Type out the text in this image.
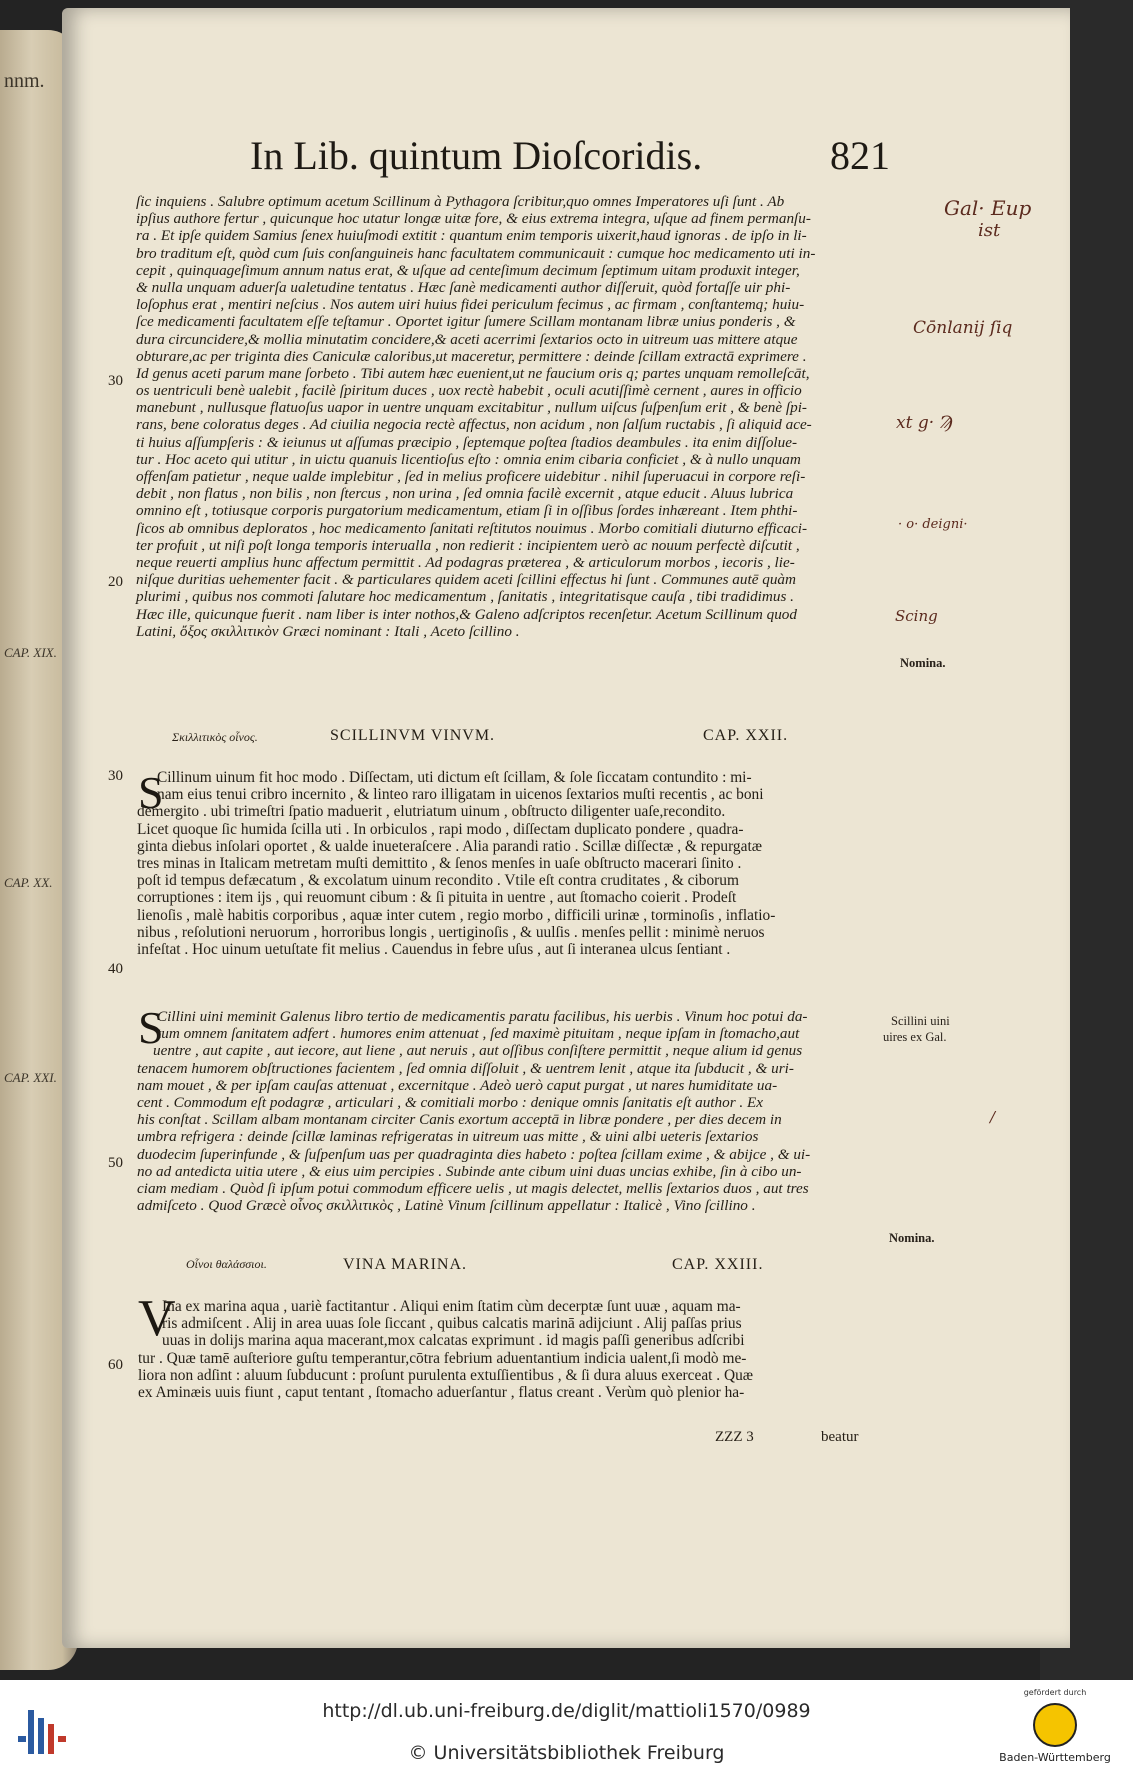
nnm.
CAP. XIX.
CAP. XX.
CAP. XXI.
In Lib. quintum Dioſcoridis.	821
ſic inquiens . Salubre optimum acetum Scillinum à Pythagora ſcribitur,quo omnes Imperatores uſi ſunt . Ab
ipſius authore fertur , quicunque hoc utatur longæ uitæ fore, & eius extrema integra, uſque ad finem permanſu-
ra . Et ipſe quidem Samius ſenex huiuſmodi extitit : quantum enim temporis uixerit,haud ignoras . de ipſo in li-
bro traditum eſt, quòd cum ſuis conſanguineis hanc facultatem communicauit : cumque hoc medicamento uti in-
cepit , quinquageſimum annum natus erat, & uſque ad centeſimum decimum ſeptimum uitam produxit integer,
& nulla unquam aduerſa ualetudine tentatus . Hæc ſanè medicamenti author diſſeruit, quòd fortaſſe uir phi-
loſophus erat , mentiri neſcius . Nos autem uiri huius fidei periculum fecimus , ac firmam , conſtantemq; huiu-
ſce medicamenti facultatem eſſe teſtamur . Oportet igitur ſumere Scillam montanam libræ unius ponderis , &
dura circuncidere,& mollia minutatim concidere,& aceti acerrimi ſextarios octo in uitreum uas mittere atque
obturare,ac per triginta dies Caniculæ caloribus,ut maceretur, permittere : deinde ſcillam extractā exprimere .
Id genus aceti parum mane ſorbeto . Tibi autem hæc euenient,ut ne faucium oris q; partes unquam remolleſcāt,
os uentriculi benè ualebit , facilè ſpiritum duces , uox rectè habebit , oculi acutiſſimè cernent , aures in officio
manebunt , nullusque flatuoſus uapor in uentre unquam excitabitur , nullum uiſcus ſuſpenſum erit , & benè ſpi-
rans, bene coloratus deges . Ad ciuilia negocia rectè affectus, non acidum , non ſalſum ructabis , ſi aliquid ace-
ti huius aſſumpſeris : & ieiunus ut aſſumas præcipio , ſeptemque poſtea ſtadios deambules . ita enim diſſolue-
tur . Hoc aceto qui utitur , in uictu quanuis licentioſus eſto : omnia enim cibaria conficiet , & à nullo unquam
offenſam patietur , neque ualde implebitur , ſed in melius proficere uidebitur . nihil ſuperuacui in corpore reſi-
debit , non flatus , non bilis , non ſtercus , non urina , ſed omnia facilè excernit , atque educit . Aluus lubrica
omnino eſt , totiusque corporis purgatorium medicamentum, etiam ſi in oſſibus ſordes inhæreant . Item phthi-
ſicos ab omnibus deploratos , hoc medicamento ſanitati reſtitutos nouimus . Morbo comitiali diuturno efficaci-
ter profuit , ut niſi poſt longa temporis interualla , non redierit : incipientem uerò ac nouum perfectè diſcutit ,
neque reuerti amplius hunc affectum permittit . Ad podagras præterea , & articulorum morbos , iecoris , lie-
niſque duritias uehementer facit . & particulares quidem aceti ſcillini effectus hi ſunt . Communes autē quàm
plurimi , quibus nos commoti ſalutare hoc medicamentum , ſanitatis , integritatisque cauſa , tibi tradidimus .
Hæc ille, quicunque fuerit . nam liber is inter nothos,& Galeno adſcriptos recenſetur. Acetum Scillinum quod
Latini, ὄξος σκιλλιτικὸν Græci nominant : Itali , Aceto ſcillino .
30
20
30
40
50
60
Σκιλλιτικὸς οἶνος.	SCILLINVM VINVM.	CAP. XXII.
S
Cillinum uinum fit hoc modo . Diſſectam, uti dictum eſt ſcillam, & ſole ſiccatam contundito : mi-
nam eius tenui cribro incernito , & linteo raro illigatam in uicenos ſextarios muſti recentis , ac boni
demergito . ubi trimeſtri ſpatio maduerit , elutriatum uinum , obſtructo diligenter uaſe,recondito.
Licet quoque ſic humida ſcilla uti . In orbiculos , rapi modo , diſſectam duplicato pondere , quadra-
ginta diebus inſolari oportet , & ualde inueteraſcere . Alia parandi ratio . Scillæ diſſectæ , & repurgatæ
tres minas in Italicam metretam muſti demittito , & ſenos menſes in uaſe obſtructo macerari ſinito .
poſt id tempus defæcatum , & excolatum uinum recondito . Vtile eſt contra cruditates , & ciborum
corruptiones : item ijs , qui reuomunt cibum : & ſi pituita in uentre , aut ſtomacho coierit . Prodeſt
lienoſis , malè habitis corporibus , aquæ inter cutem , regio morbo , difficili urinæ , torminoſis , inflatio-
nibus , reſolutioni neruorum , horroribus longis , uertiginoſis , & uulſis . menſes pellit : minimè neruos
infeſtat . Hoc uinum uetuſtate fit melius . Cauendus in febre uſus , aut ſi interanea ulcus ſentiant .
S
Cillini uini meminit Galenus libro tertio de medicamentis paratu facilibus, his uerbis . Vinum hoc potui da-
tum omnem ſanitatem adfert . humores enim attenuat , ſed maximè pituitam , neque ipſam in ſtomacho,aut
uentre , aut capite , aut iecore, aut liene , aut neruis , aut oſſibus conſiſtere permittit , neque alium id genus
tenacem humorem obſtructiones facientem , ſed omnia diſſoluit , & uentrem lenit , atque ita ſubducit , & uri-
nam mouet , & per ipſam cauſas attenuat , excernitque . Adeò uerò caput purgat , ut nares humiditate ua-
cent . Commodum eſt podagræ , articulari , & comitiali morbo : denique omnis ſanitatis eſt author . Ex
his conſtat . Scillam albam montanam circiter Canis exortum acceptā in libræ pondere , per dies decem in
umbra refrigera : deinde ſcillæ laminas refrigeratas in uitreum uas mitte , & uini albi ueteris ſextarios
duodecim ſuperinfunde , & ſuſpenſum uas per quadraginta dies habeto : poſtea ſcillam exime , & abijce , & ui-
no ad antedicta uitia utere , & eius uim percipies . Subinde ante cibum uini duas uncias exhibe, ſin à cibo un-
ciam mediam . Quòd ſi ipſum potui commodum efficere uelis , ut magis delectet, mellis ſextarios duos , aut tres
admiſceto . Quod Græcè οἶνος σκιλλιτικὸς , Latinè Vinum ſcillinum appellatur : Italicè , Vino ſcillino .
Οἶνοι θαλάσσιοι.	VINA MARINA.	CAP. XXIII.
V
Ina ex marina aqua , uariè factitantur . Aliqui enim ſtatim cùm decerptæ ſunt uuæ , aquam ma-
ris admiſcent . Alij in area uuas ſole ſiccant , quibus calcatis marinā adijciunt . Alij paſſas prius
uuas in dolijs marina aqua macerant,mox calcatas exprimunt . id magis paſſi generibus adſcribi
tur . Quæ tamē auſteriore guſtu temperantur,cōtra febrium aduentantium indicia ualent,ſi modò me-
liora non adſint : aluum ſubducunt : proſunt purulenta extuſſientibus , & ſi dura aluus exerceat . Quæ
ex Aminæis uuis fiunt , caput tentant , ſtomacho aduerſantur , flatus creant . Verùm quò plenior ha-
ZZZ 3	beatur
Nomina.
Scillini uini
uires ex Gal.
Nomina.
Gal· Eup
ist
Cōnlanij ſiq
xt g· Ϡ
· o· deigni·
Scing
/
http://dl.ub.uni-freiburg.de/diglit/mattioli1570/0989
© Universitätsbibliothek Freiburg
gefördert durch
Baden-Württemberg
